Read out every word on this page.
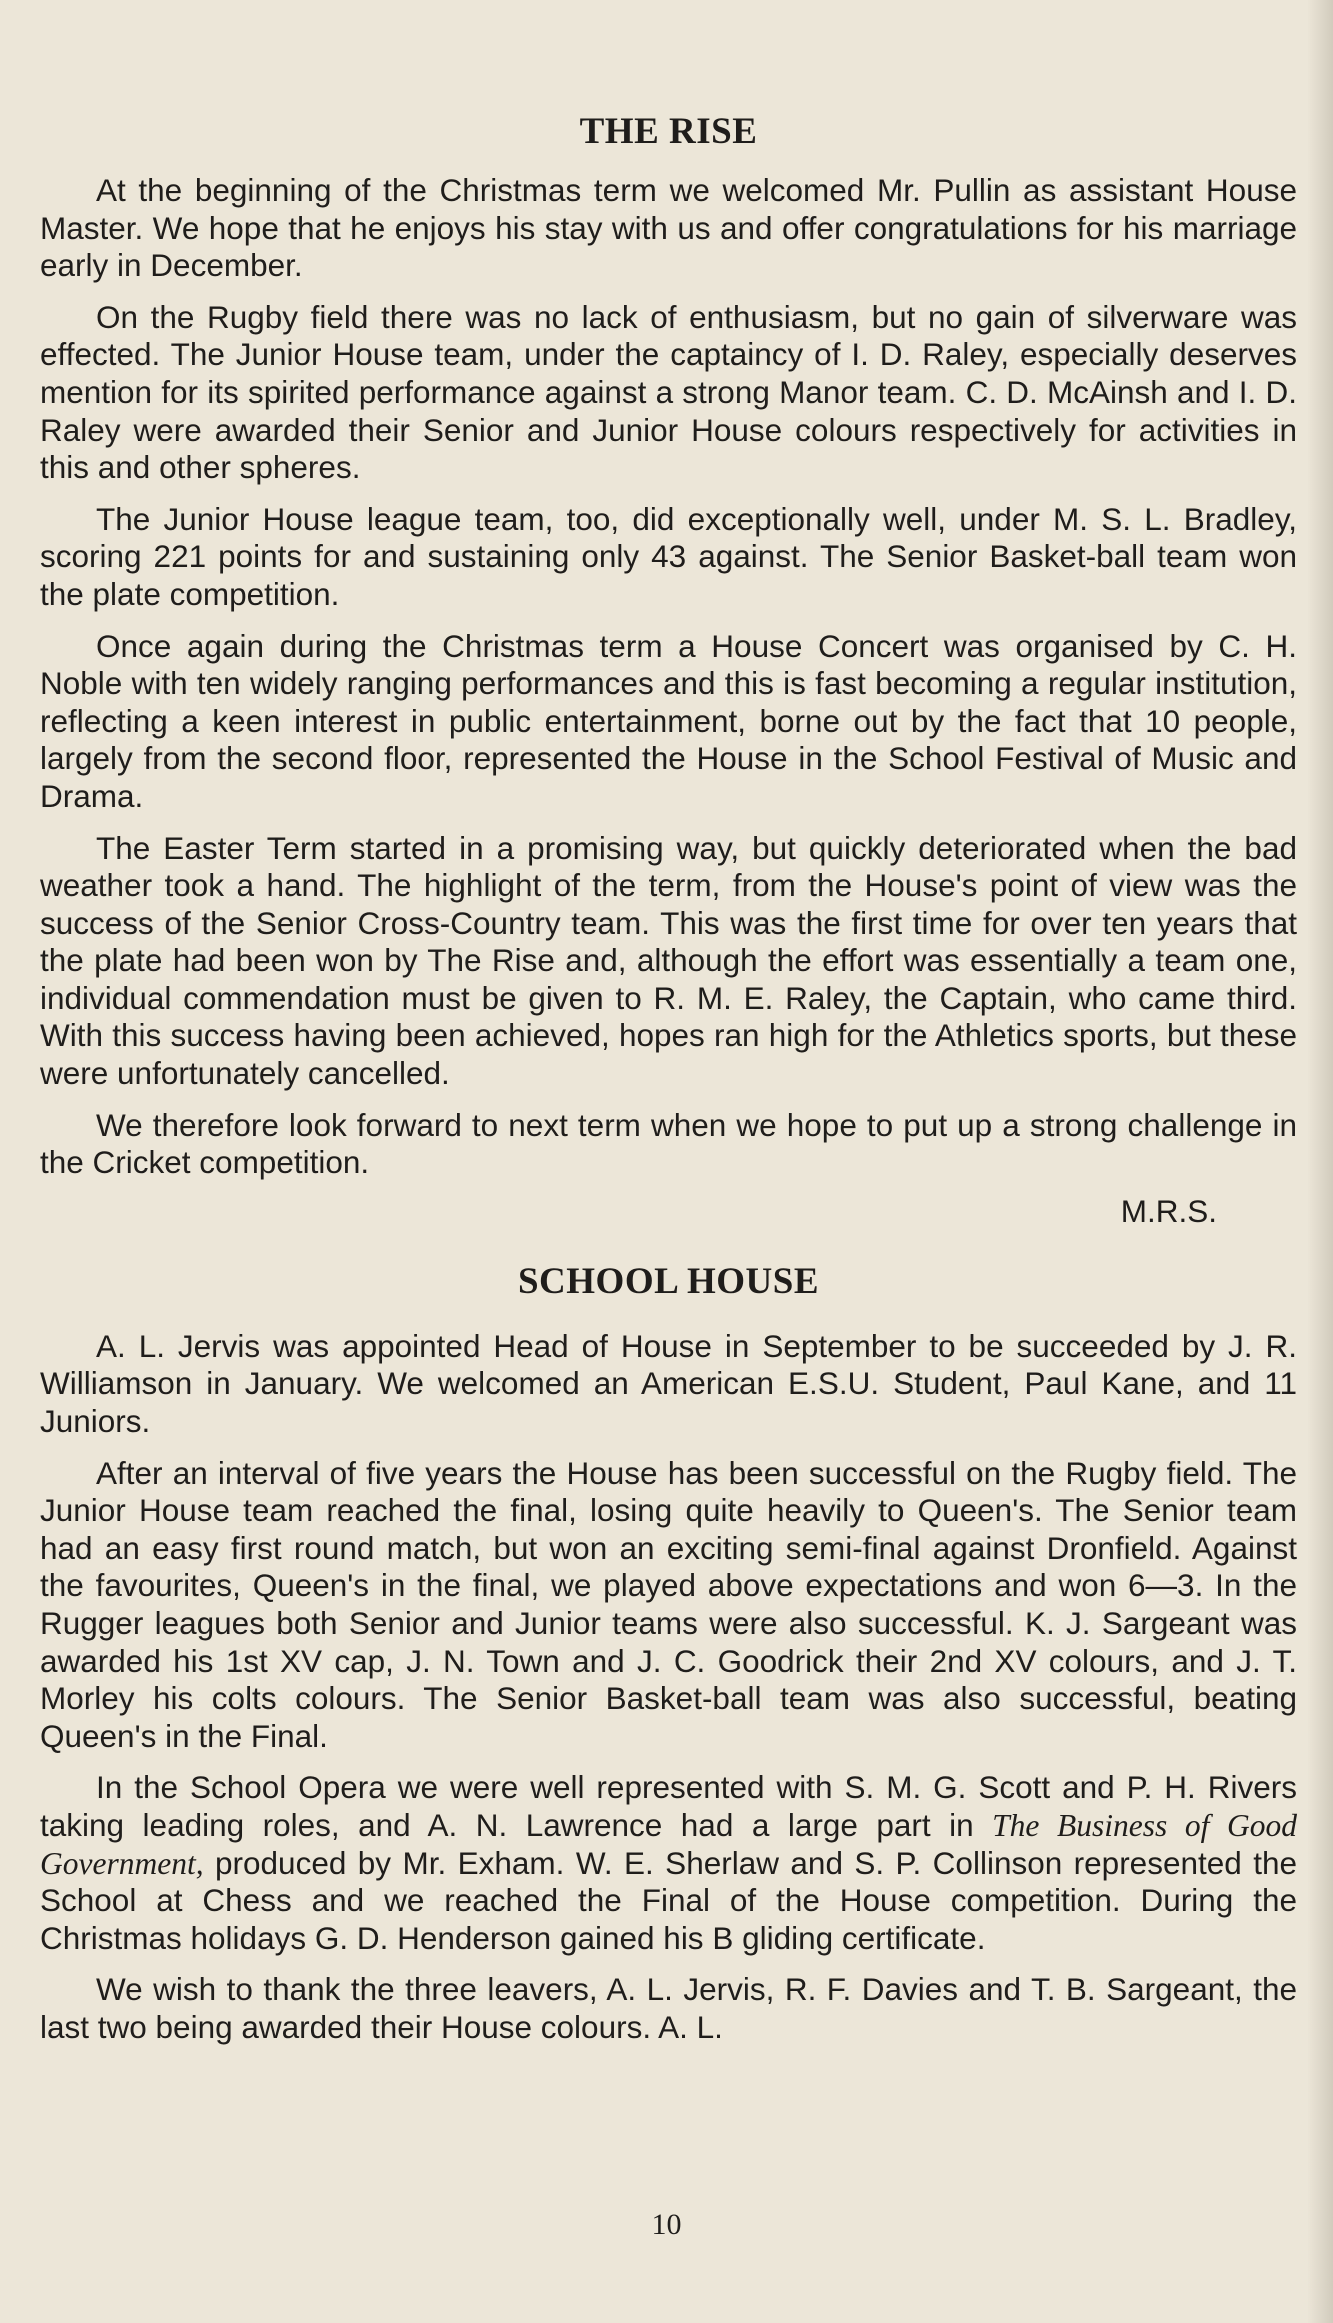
THE RISE

At the beginning of the Christmas term we welcomed Mr. Pullin as assistant House Master. We hope that he enjoys his stay with us and offer congratulations for his marriage early in December.

On the Rugby field there was no lack of enthusiasm, but no gain of silverware was effected. The Junior House team, under the captaincy of I. D. Raley, especially deserves mention for its spirited performance against a strong Manor team. C. D. McAinsh and I. D. Raley were awarded their Senior and Junior House colours respectively for activities in this and other spheres.

The Junior House league team, too, did exceptionally well, under M. S. L. Bradley, scoring 221 points for and sustaining only 43 against. The Senior Basket-ball team won the plate competition.

Once again during the Christmas term a House Concert was organised by C. H. Noble with ten widely ranging performances and this is fast becoming a regular institution, reflecting a keen interest in public entertainment, borne out by the fact that 10 people, largely from the second floor, represented the House in the School Festival of Music and Drama.

The Easter Term started in a promising way, but quickly deteriorated when the bad weather took a hand. The highlight of the term, from the House's point of view was the success of the Senior Cross-Country team. This was the first time for over ten years that the plate had been won by The Rise and, although the effort was essentially a team one, individual commendation must be given to R. M. E. Raley, the Captain, who came third. With this success having been achieved, hopes ran high for the Athletics sports, but these were unfortunately cancelled.

We therefore look forward to next term when we hope to put up a strong challenge in the Cricket competition.

M.R.S.
SCHOOL HOUSE

A. L. Jervis was appointed Head of House in September to be succeeded by J. R. Williamson in January. We welcomed an American E.S.U. Student, Paul Kane, and 11 Juniors.

After an interval of five years the House has been successful on the Rugby field. The Junior House team reached the final, losing quite heavily to Queen's. The Senior team had an easy first round match, but won an exciting semi-final against Dronfield. Against the favourites, Queen's in the final, we played above expectations and won 6—3. In the Rugger leagues both Senior and Junior teams were also successful. K. J. Sargeant was awarded his 1st XV cap, J. N. Town and J. C. Goodrick their 2nd XV colours, and J. T. Morley his colts colours. The Senior Basket-ball team was also successful, beating Queen's in the Final.

In the School Opera we were well represented with S. M. G. Scott and P. H. Rivers taking leading roles, and A. N. Lawrence had a large part in The Business of Good Government, produced by Mr. Exham. W. E. Sherlaw and S. P. Collinson represented the School at Chess and we reached the Final of the House competition. During the Christmas holidays G. D. Henderson gained his B gliding certificate.

We wish to thank the three leavers, A. L. Jervis, R. F. Davies and T. B. Sargeant, the last two being awarded their House colours. A. L.

10
